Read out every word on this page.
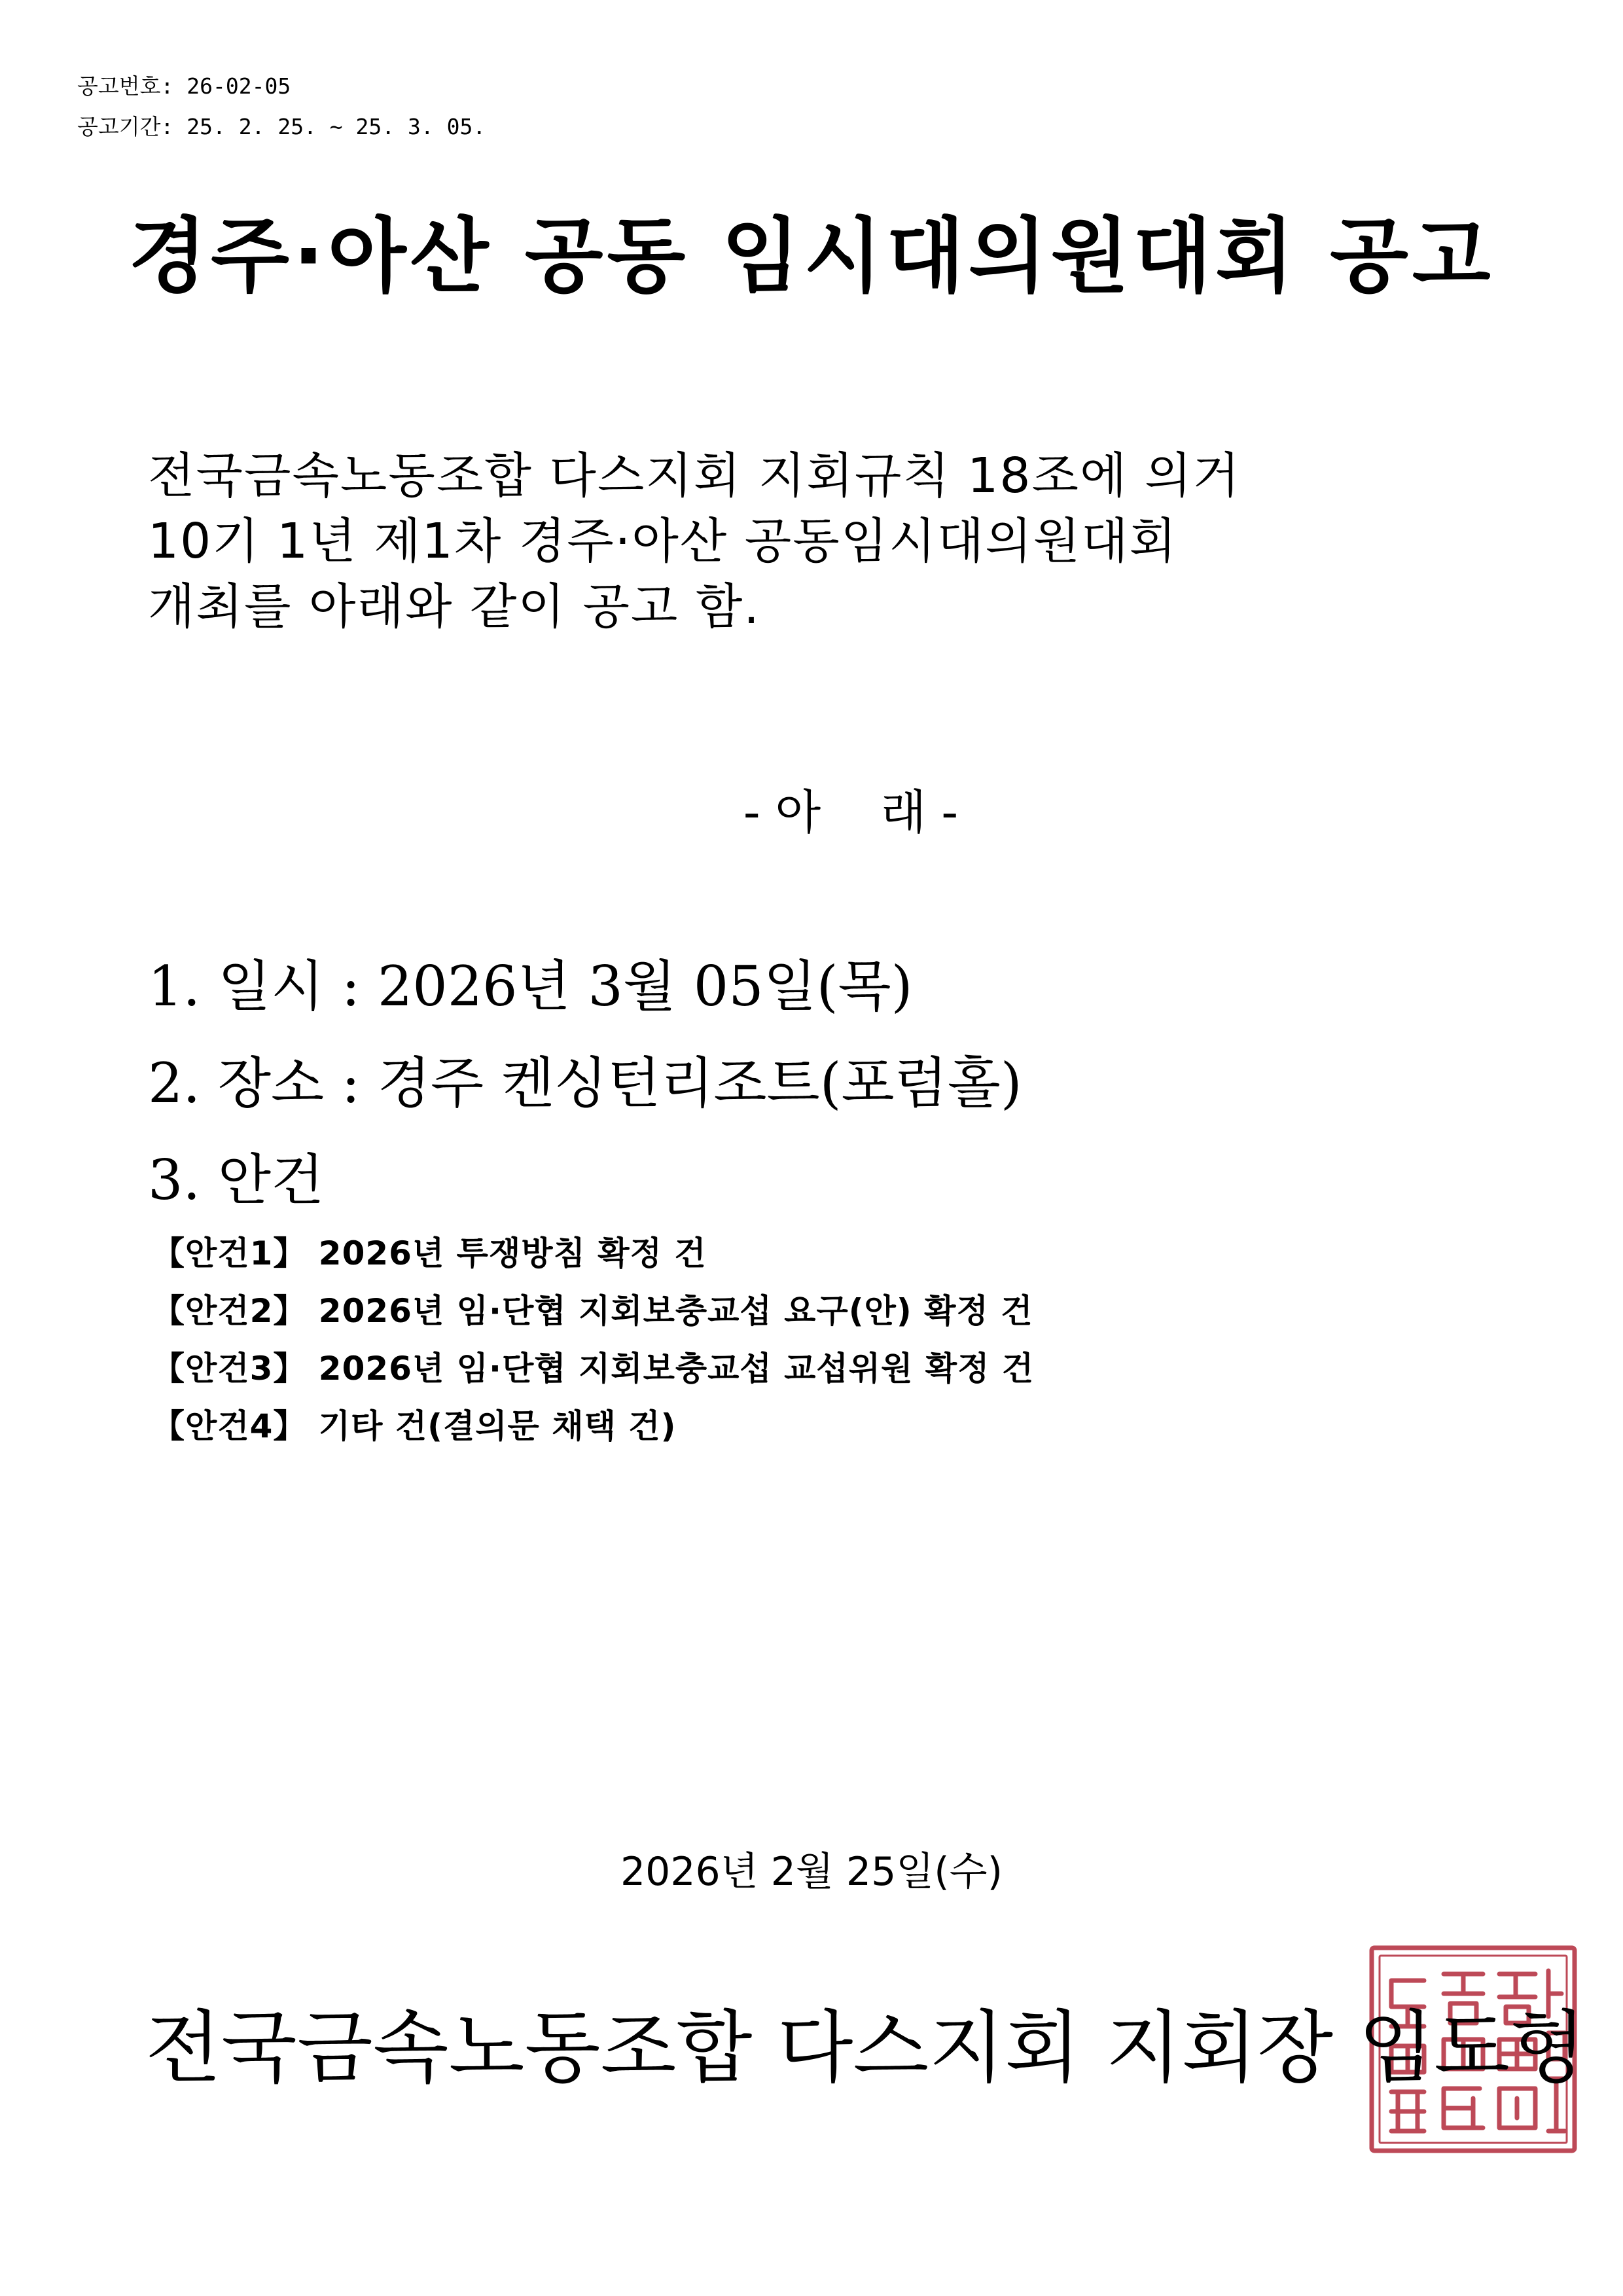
공고번호: 26-02-05
공고기간: 25. 2. 25. ~ 25. 3. 05.
경주·아산 공동 임시대의원대회 공고
전국금속노동조합 다스지회 지회규칙 18조에 의거
10기 1년 제1차 경주·아산 공동임시대의원대회
개최를 아래와 같이 공고 함.
- 아    래 -
1. 일시 : 2026년 3월 05일(목)
2. 장소 : 경주 켄싱턴리조트(포럼홀)
3. 안건
【안건1】 2026년 투쟁방침 확정 건
【안건2】 2026년 임·단협 지회보충교섭 요구(안) 확정 건
【안건3】 2026년 임·단협 지회보충교섭 교섭위원 확정 건
【안건4】 기타 건(결의문 채택 건)
2026년 2월 25일(수)
전국금속노동조합 다스지회 지회장 임도형
